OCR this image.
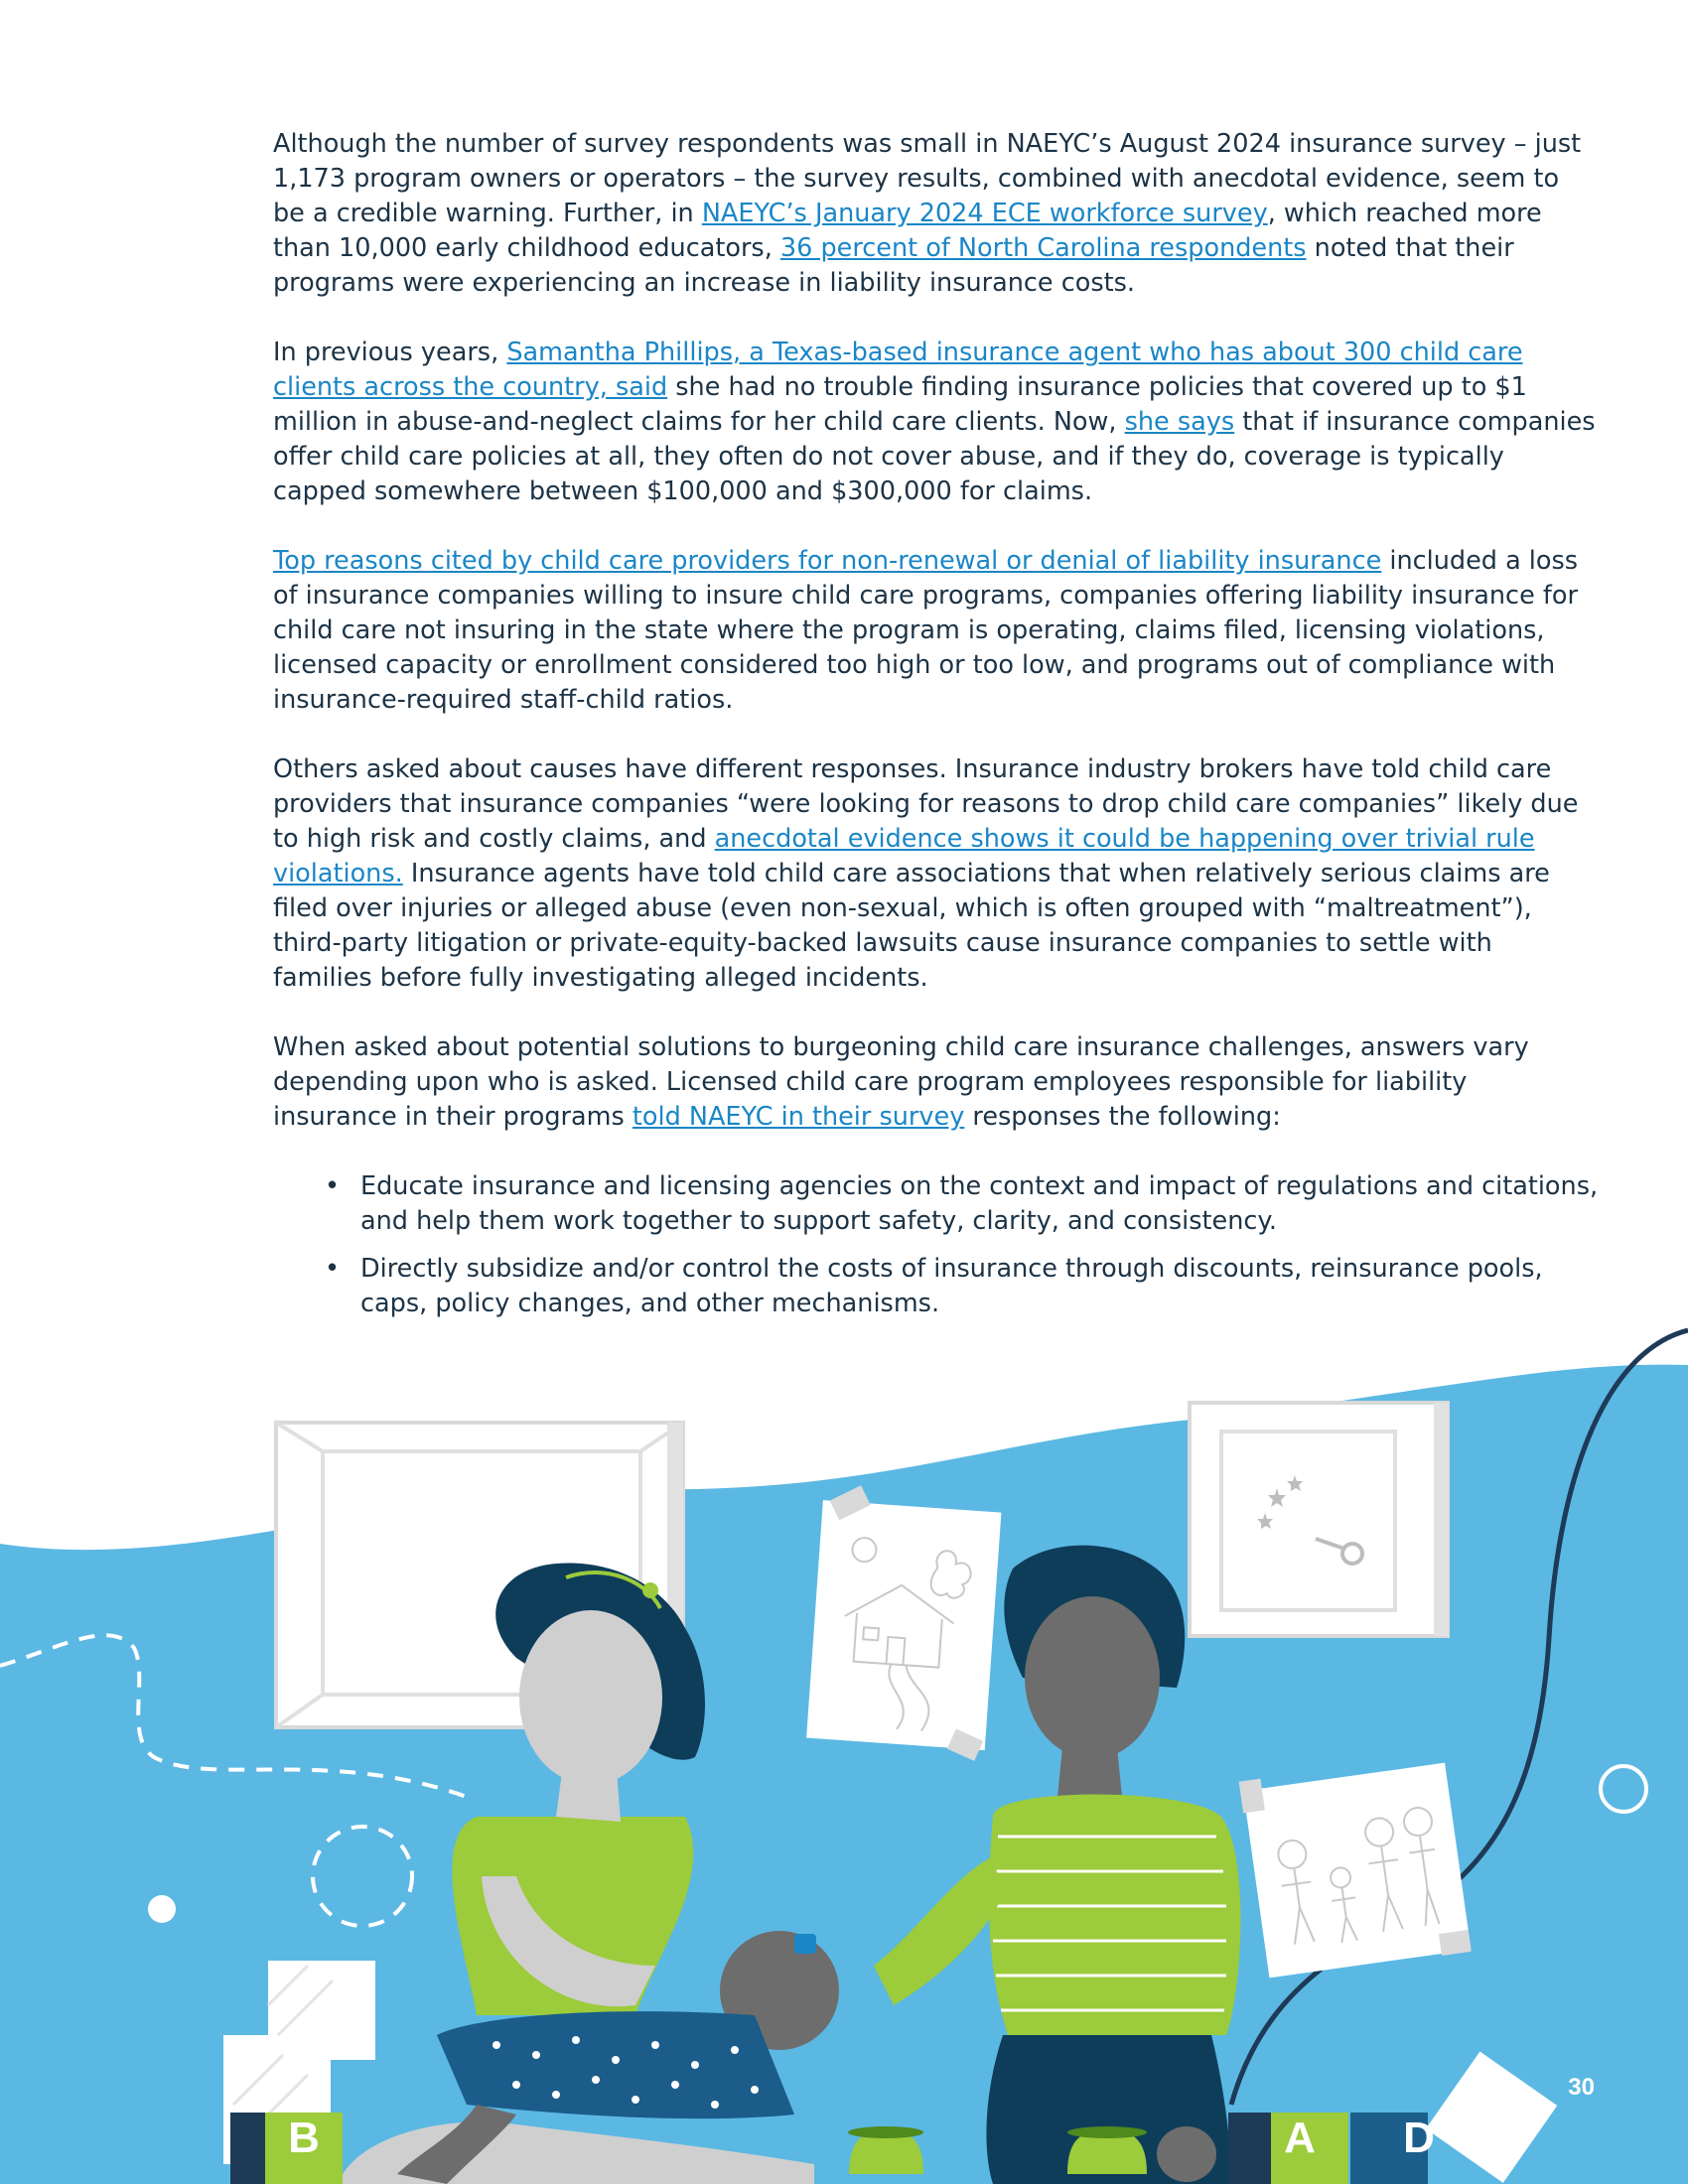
Although the number of survey respondents was small in NAEYC’s August 2024 insurance survey – just 1,173 program owners or operators – the survey results, combined with anecdotal evidence, seem to be a credible warning. Further, in NAEYC’s January 2024 ECE workforce survey, which reached more than 10,000 early childhood educators, 36 percent of North Carolina respondents noted that their programs were experiencing an increase in liability insurance costs.

In previous years, Samantha Phillips, a Texas-based insurance agent who has about 300 child care clients across the country, said she had no trouble finding insurance policies that covered up to $1 million in abuse-and-neglect claims for her child care clients. Now, she says that if insurance companies offer child care policies at all, they often do not cover abuse, and if they do, coverage is typically capped somewhere between $100,000 and $300,000 for claims.

Top reasons cited by child care providers for non-renewal or denial of liability insurance included a loss of insurance companies willing to insure child care programs, companies offering liability insurance for child care not insuring in the state where the program is operating, claims filed, licensing violations, licensed capacity or enrollment considered too high or too low, and programs out of compliance with insurance-required staff-child ratios.

Others asked about causes have different responses. Insurance industry brokers have told child care providers that insurance companies “were looking for reasons to drop child care companies” likely due to high risk and costly claims, and anecdotal evidence shows it could be happening over trivial rule violations. Insurance agents have told child care associations that when relatively serious claims are filed over injuries or alleged abuse (even non-sexual, which is often grouped with “maltreatment”), third-party litigation or private-equity-backed lawsuits cause insurance companies to settle with families before fully investigating alleged incidents.

When asked about potential solutions to burgeoning child care insurance challenges, answers vary depending upon who is asked. Licensed child care program employees responsible for liability insurance in their programs told NAEYC in their survey responses the following:

• Educate insurance and licensing agencies on the context and impact of regulations and citations, and help them work together to support safety, clarity, and consistency.
• Directly subsidize and/or control the costs of insurance through discounts, reinsurance pools, caps, policy changes, and other mechanisms.
B	A	D
30
